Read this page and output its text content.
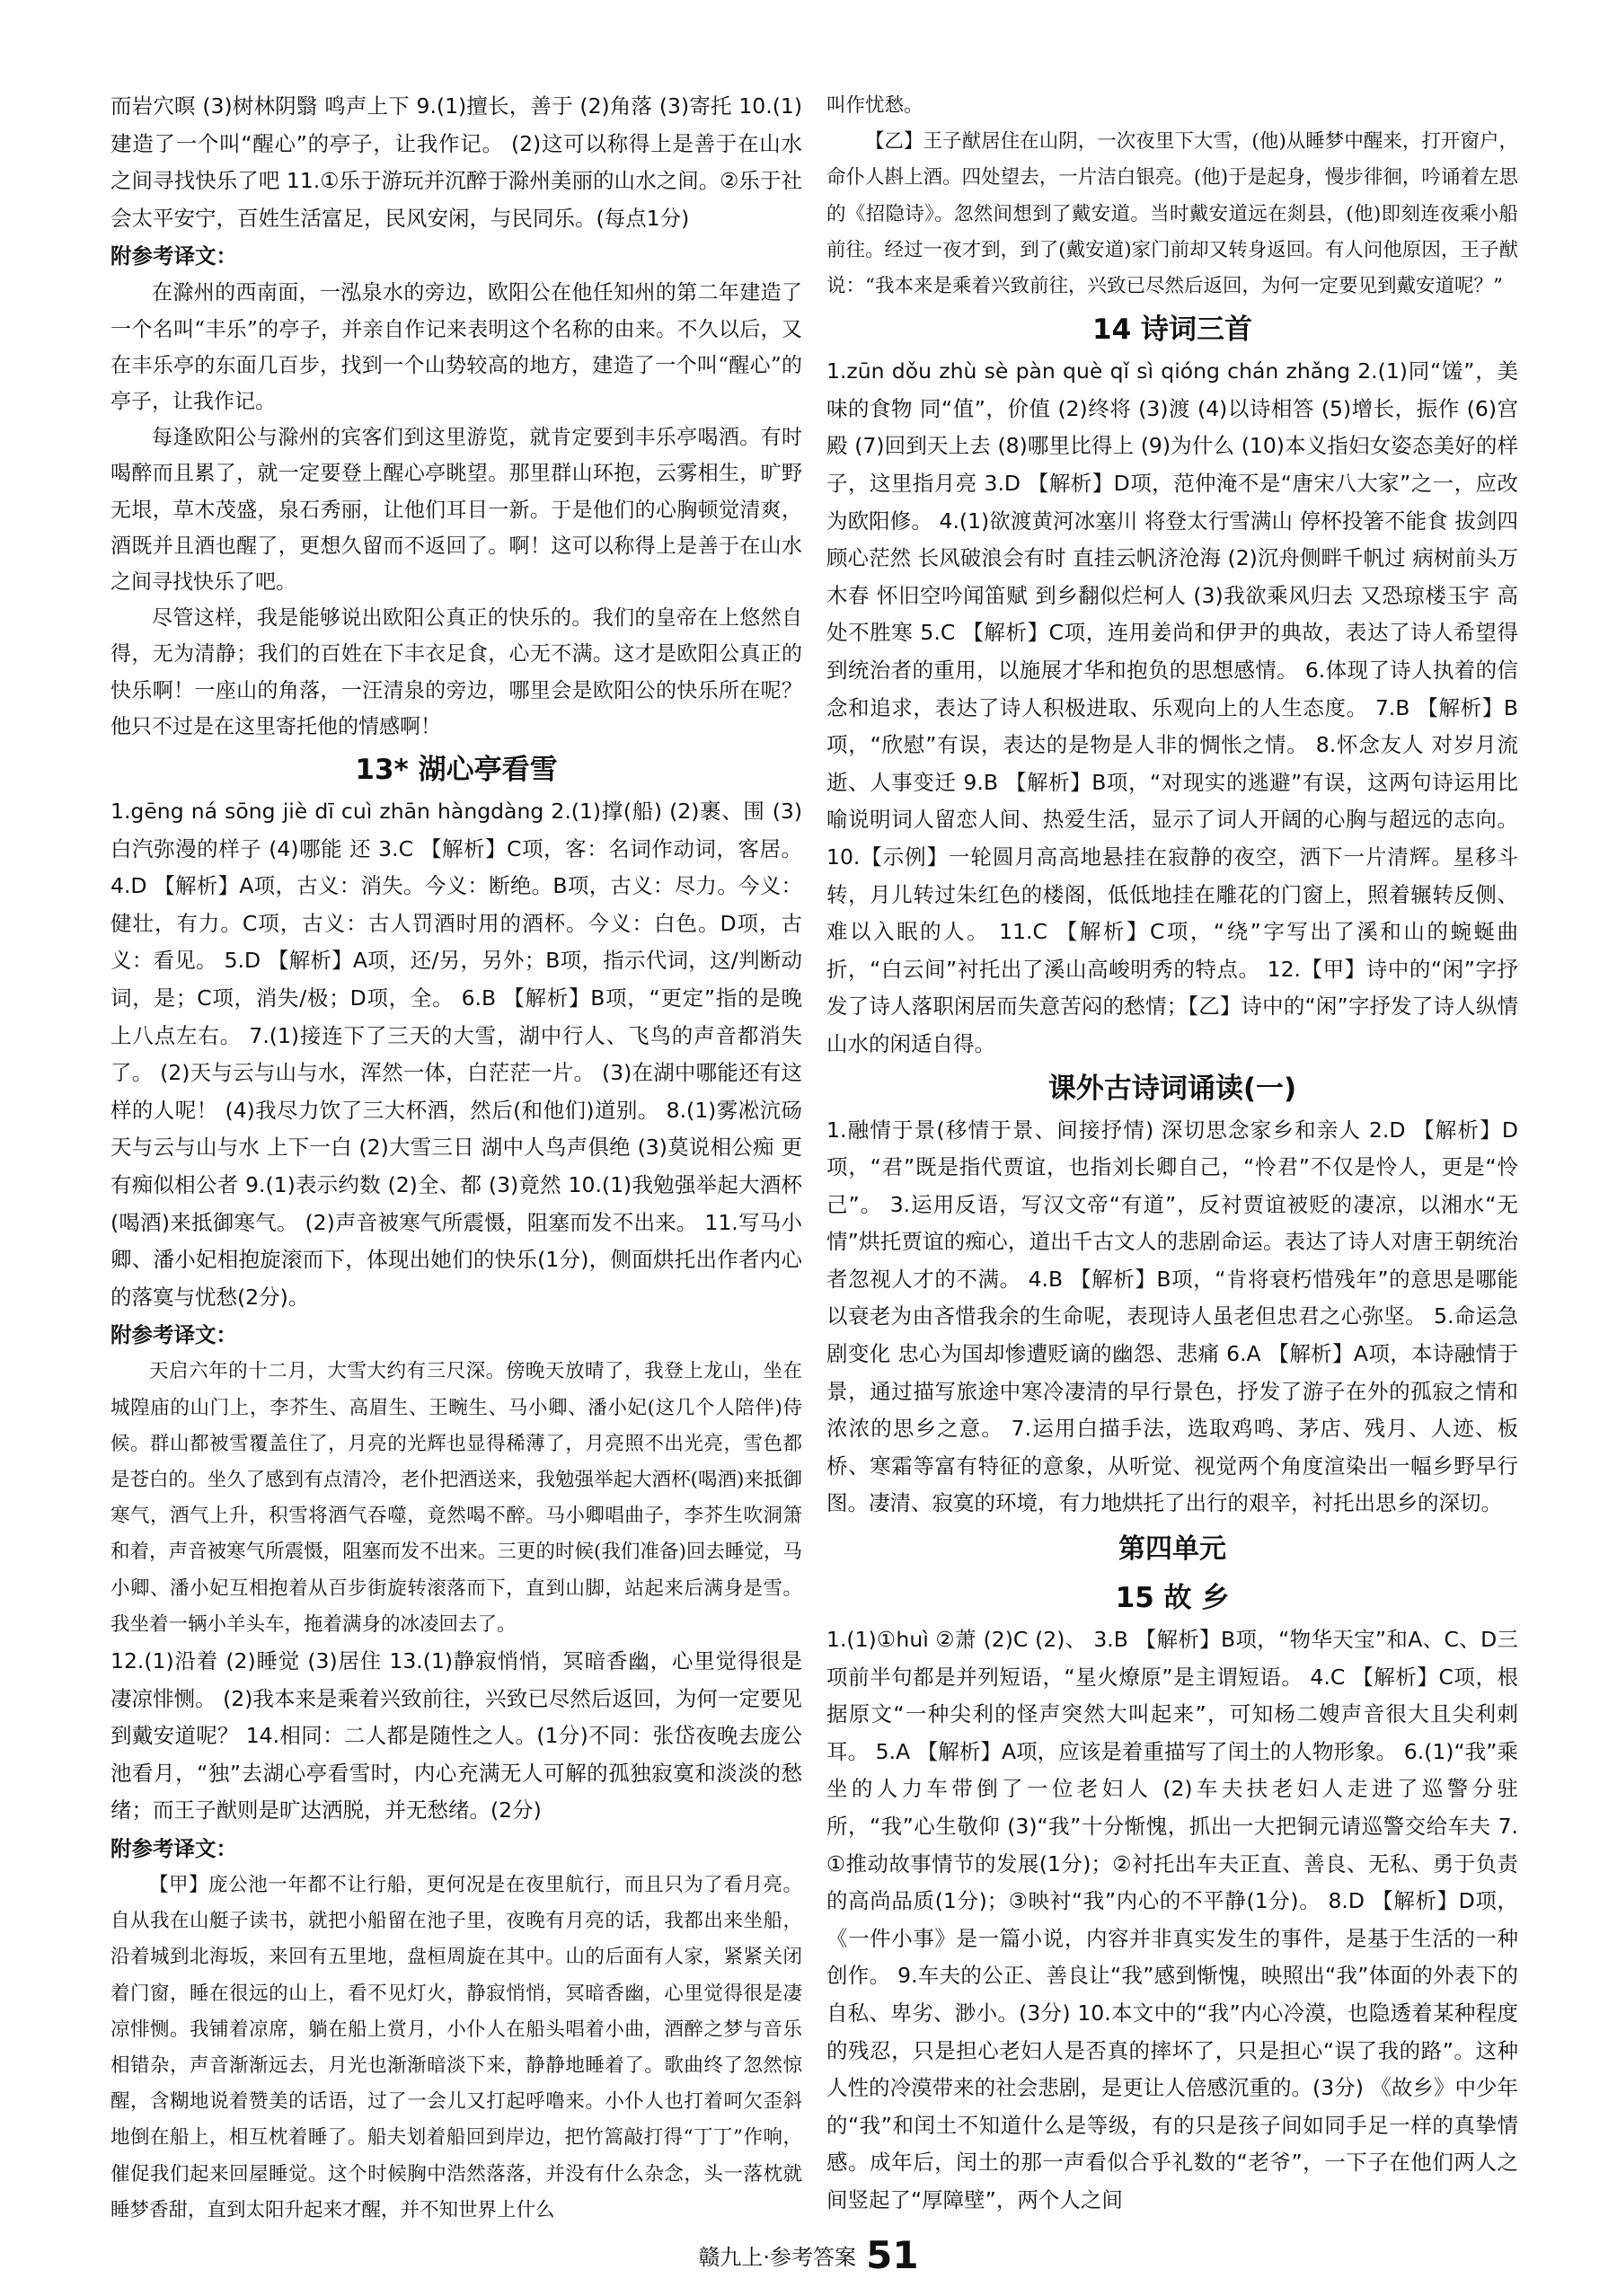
而岩穴暝 (3)树林阴翳 鸣声上下 9.(1)擅长，善于 (2)角落 (3)寄托 10.(1)建造了一个叫“醒心”的亭子，让我作记。 (2)这可以称得上是善于在山水之间寻找快乐了吧 11.①乐于游玩并沉醉于滁州美丽的山水之间。②乐于社会太平安宁，百姓生活富足，民风安闲，与民同乐。(每点1分)

附参考译文：

在滁州的西南面，一泓泉水的旁边，欧阳公在他任知州的第二年建造了一个名叫“丰乐”的亭子，并亲自作记来表明这个名称的由来。不久以后，又在丰乐亭的东面几百步，找到一个山势较高的地方，建造了一个叫“醒心”的亭子，让我作记。

每逢欧阳公与滁州的宾客们到这里游览，就肯定要到丰乐亭喝酒。有时喝醉而且累了，就一定要登上醒心亭眺望。那里群山环抱，云雾相生，旷野无垠，草木茂盛，泉石秀丽，让他们耳目一新。于是他们的心胸顿觉清爽，酒既并且酒也醒了，更想久留而不返回了。啊！这可以称得上是善于在山水之间寻找快乐了吧。

尽管这样，我是能够说出欧阳公真正的快乐的。我们的皇帝在上悠然自得，无为清静；我们的百姓在下丰衣足食，心无不满。这才是欧阳公真正的快乐啊！一座山的角落，一汪清泉的旁边，哪里会是欧阳公的快乐所在呢？他只不过是在这里寄托他的情感啊！

13* 湖心亭看雪

1.gēng ná sōng jiè dī cuì zhān hàngdàng 2.(1)撑(船) (2)裹、围 (3)白汽弥漫的样子 (4)哪能 还 3.C 【解析】C项，客：名词作动词，客居。 4.D 【解析】A项，古义：消失。今义：断绝。B项，古义：尽力。今义：健壮，有力。C项，古义：古人罚酒时用的酒杯。今义：白色。D项，古义：看见。 5.D 【解析】A项，还/另，另外；B项，指示代词，这/判断动词，是；C项，消失/极；D项，全。 6.B 【解析】B项，“更定”指的是晚上八点左右。 7.(1)接连下了三天的大雪，湖中行人、飞鸟的声音都消失了。 (2)天与云与山与水，浑然一体，白茫茫一片。 (3)在湖中哪能还有这样的人呢！ (4)我尽力饮了三大杯酒，然后(和他们)道别。 8.(1)雾凇沆砀 天与云与山与水 上下一白 (2)大雪三日 湖中人鸟声俱绝 (3)莫说相公痴 更有痴似相公者 9.(1)表示约数 (2)全、都 (3)竟然 10.(1)我勉强举起大酒杯(喝酒)来抵御寒气。 (2)声音被寒气所震慑，阻塞而发不出来。 11.写马小卿、潘小妃相抱旋滚而下，体现出她们的快乐(1分)，侧面烘托出作者内心的落寞与忧愁(2分)。

附参考译文：

天启六年的十二月，大雪大约有三尺深。傍晚天放晴了，我登上龙山，坐在城隍庙的山门上，李芥生、高眉生、王畹生、马小卿、潘小妃(这几个人陪伴)侍候。群山都被雪覆盖住了，月亮的光辉也显得稀薄了，月亮照不出光亮，雪色都是苍白的。坐久了感到有点清冷，老仆把酒送来，我勉强举起大酒杯(喝酒)来抵御寒气，酒气上升，积雪将酒气吞噬，竟然喝不醉。马小卿唱曲子，李芥生吹洞箫和着，声音被寒气所震慑，阻塞而发不出来。三更的时候(我们准备)回去睡觉，马小卿、潘小妃互相抱着从百步街旋转滚落而下，直到山脚，站起来后满身是雪。我坐着一辆小羊头车，拖着满身的冰凌回去了。

12.(1)沿着 (2)睡觉 (3)居住 13.(1)静寂悄悄，冥暗香幽，心里觉得很是凄凉悱恻。 (2)我本来是乘着兴致前往，兴致已尽然后返回，为何一定要见到戴安道呢？ 14.相同：二人都是随性之人。(1分)不同：张岱夜晚去庞公池看月，“独”去湖心亭看雪时，内心充满无人可解的孤独寂寞和淡淡的愁绪；而王子猷则是旷达洒脱，并无愁绪。(2分)

附参考译文：

【甲】庞公池一年都不让行船，更何况是在夜里航行，而且只为了看月亮。自从我在山艇子读书，就把小船留在池子里，夜晚有月亮的话，我都出来坐船，沿着城到北海坂，来回有五里地，盘桓周旋在其中。山的后面有人家，紧紧关闭着门窗，睡在很远的山上，看不见灯火，静寂悄悄，冥暗香幽，心里觉得很是凄凉悱恻。我铺着凉席，躺在船上赏月，小仆人在船头唱着小曲，酒醉之梦与音乐相错杂，声音渐渐远去，月光也渐渐暗淡下来，静静地睡着了。歌曲终了忽然惊醒，含糊地说着赞美的话语，过了一会儿又打起呼噜来。小仆人也打着呵欠歪斜地倒在船上，相互枕着睡了。船夫划着船回到岸边，把竹篙敲打得“丁丁”作响，催促我们起来回屋睡觉。这个时候胸中浩然落落，并没有什么杂念，头一落枕就睡梦香甜，直到太阳升起来才醒，并不知世界上什么

叫作忧愁。

【乙】王子猷居住在山阴，一次夜里下大雪，(他)从睡梦中醒来，打开窗户，命仆人斟上酒。四处望去，一片洁白银亮。(他)于是起身，慢步徘徊，吟诵着左思的《招隐诗》。忽然间想到了戴安道。当时戴安道远在剡县，(他)即刻连夜乘小船前往。经过一夜才到，到了(戴安道)家门前却又转身返回。有人问他原因，王子猷说：“我本来是乘着兴致前往，兴致已尽然后返回，为何一定要见到戴安道呢？”

14 诗词三首

1.zūn dǒu zhù sè pàn què qǐ sì qióng chán zhǎng 2.(1)同“馐”，美味的食物 同“值”，价值 (2)终将 (3)渡 (4)以诗相答 (5)增长，振作 (6)宫殿 (7)回到天上去 (8)哪里比得上 (9)为什么 (10)本义指妇女姿态美好的样子，这里指月亮 3.D 【解析】D项，范仲淹不是“唐宋八大家”之一，应改为欧阳修。 4.(1)欲渡黄河冰塞川 将登太行雪满山 停杯投箸不能食 拔剑四顾心茫然 长风破浪会有时 直挂云帆济沧海 (2)沉舟侧畔千帆过 病树前头万木春 怀旧空吟闻笛赋 到乡翻似烂柯人 (3)我欲乘风归去 又恐琼楼玉宇 高处不胜寒 5.C 【解析】C项，连用姜尚和伊尹的典故，表达了诗人希望得到统治者的重用，以施展才华和抱负的思想感情。 6.体现了诗人执着的信念和追求，表达了诗人积极进取、乐观向上的人生态度。 7.B 【解析】B项，“欣慰”有误，表达的是物是人非的惆怅之情。 8.怀念友人 对岁月流逝、人事变迁 9.B 【解析】B项，“对现实的逃避”有误，这两句诗运用比喻说明词人留恋人间、热爱生活，显示了词人开阔的心胸与超远的志向。 10.【示例】一轮圆月高高地悬挂在寂静的夜空，洒下一片清辉。星移斗转，月儿转过朱红色的楼阁，低低地挂在雕花的门窗上，照着辗转反侧、难以入眠的人。 11.C 【解析】C项，“绕”字写出了溪和山的蜿蜒曲折，“白云间”衬托出了溪山高峻明秀的特点。 12.【甲】诗中的“闲”字抒发了诗人落职闲居而失意苦闷的愁情；【乙】诗中的“闲”字抒发了诗人纵情山水的闲适自得。

课外古诗词诵读(一)

1.融情于景(移情于景、间接抒情) 深切思念家乡和亲人 2.D 【解析】D项，“君”既是指代贾谊，也指刘长卿自己，“怜君”不仅是怜人，更是“怜己”。 3.运用反语，写汉文帝“有道”，反衬贾谊被贬的凄凉，以湘水“无情”烘托贾谊的痴心，道出千古文人的悲剧命运。表达了诗人对唐王朝统治者忽视人才的不满。 4.B 【解析】B项，“肯将衰朽惜残年”的意思是哪能以衰老为由吝惜我余的生命呢，表现诗人虽老但忠君之心弥坚。 5.命运急剧变化 忠心为国却惨遭贬谪的幽怨、悲痛 6.A 【解析】A项，本诗融情于景，通过描写旅途中寒冷凄清的早行景色，抒发了游子在外的孤寂之情和浓浓的思乡之意。 7.运用白描手法，选取鸡鸣、茅店、残月、人迹、板桥、寒霜等富有特征的意象，从听觉、视觉两个角度渲染出一幅乡野早行图。凄清、寂寞的环境，有力地烘托了出行的艰辛，衬托出思乡的深切。

第四单元
15 故 乡

1.(1)①huì ②萧 (2)C (2)、 3.B 【解析】B项，“物华天宝”和A、C、D三项前半句都是并列短语，“星火燎原”是主谓短语。 4.C 【解析】C项，根据原文“一种尖利的怪声突然大叫起来”，可知杨二嫂声音很大且尖利刺耳。 5.A 【解析】A项，应该是着重描写了闰土的人物形象。 6.(1)“我”乘坐的人力车带倒了一位老妇人 (2)车夫扶老妇人走进了巡警分驻所，“我”心生敬仰 (3)“我”十分惭愧，抓出一大把铜元请巡警交给车夫 7.①推动故事情节的发展(1分)；②衬托出车夫正直、善良、无私、勇于负责的高尚品质(1分)；③映衬“我”内心的不平静(1分)。 8.D 【解析】D项，《一件小事》是一篇小说，内容并非真实发生的事件，是基于生活的一种创作。 9.车夫的公正、善良让“我”感到惭愧，映照出“我”体面的外表下的自私、卑劣、渺小。(3分) 10.本文中的“我”内心冷漠，也隐透着某种程度的残忍，只是担心老妇人是否真的摔坏了，只是担心“误了我的路”。这种人性的冷漠带来的社会悲剧，是更让人倍感沉重的。(3分) 《故乡》中少年的“我”和闰土不知道什么是等级，有的只是孩子间如同手足一样的真挚情感。成年后，闰土的那一声看似合乎礼数的“老爷”，一下子在他们两人之间竖起了“厚障壁”，两个人之间

赣九上·参考答案 51
